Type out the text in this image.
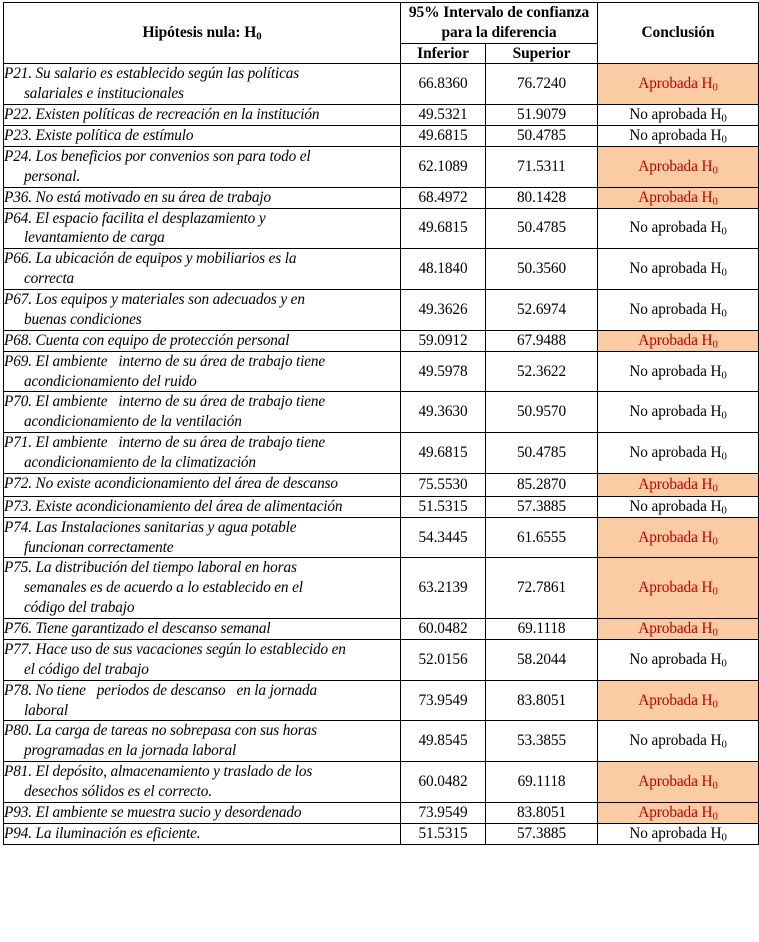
Hipótesis nula: $H_0$	95% Intervalo de confianza para la diferencia		Conclusión
	Inferior	Superior	
P21. Su salario es establecido según las políticas
salariales e institucionales	66.8360	76.7240	Aprobada $H_0$
P22. Existen políticas de recreación en la institución	49.5321	51.9079	No aprobada $H_0$
P23. Existe política de estímulo	49.6815	50.4785	No aprobada $H_0$
P24. Los beneficios por convenios son para todo el
personal.	62.1089	71.5311	Aprobada $H_0$
P36. No está motivado en su área de trabajo	68.4972	80.1428	Aprobada $H_0$
P64. El espacio facilita el desplazamiento y
levantamiento de carga	49.6815	50.4785	No aprobada $H_0$
P66. La ubicación de equipos y mobiliarios es la
correcta	48.1840	50.3560	No aprobada $H_0$
P67. Los equipos y materiales son adecuados y en
buenas condiciones	49.3626	52.6974	No aprobada $H_0$
P68. Cuenta con equipo de protección personal	59.0912	67.9488	Aprobada $H_0$
P69. El ambiente   interno de su área de trabajo tiene
acondicionamiento del ruido	49.5978	52.3622	No aprobada $H_0$
P70. El ambiente   interno de su área de trabajo tiene
acondicionamiento de la ventilación	49.3630	50.9570	No aprobada $H_0$
P71. El ambiente   interno de su área de trabajo tiene
acondicionamiento de la climatización	49.6815	50.4785	No aprobada $H_0$
P72. No existe acondicionamiento del área de descanso	75.5530	85.2870	Aprobada $H_0$
P73. Existe acondicionamiento del área de alimentación	51.5315	57.3885	No aprobada $H_0$
P74. Las Instalaciones sanitarias y agua potable
funcionan correctamente	54.3445	61.6555	Aprobada $H_0$
P75. La distribución del tiempo laboral en horas
semanales es de acuerdo a lo establecido en el
código del trabajo	63.2139	72.7861	Aprobada $H_0$
P76. Tiene garantizado el descanso semanal	60.0482	69.1118	Aprobada $H_0$
P77. Hace uso de sus vacaciones según lo establecido en
el código del trabajo	52.0156	58.2044	No aprobada $H_0$
P78. No tiene   periodos de descanso   en la jornada
laboral	73.9549	83.8051	Aprobada $H_0$
P80. La carga de tareas no sobrepasa con sus horas
programadas en la jornada laboral	49.8545	53.3855	No aprobada $H_0$
P81. El depósito, almacenamiento y traslado de los
desechos sólidos es el correcto.	60.0482	69.1118	Aprobada $H_0$
P93. El ambiente se muestra sucio y desordenado	73.9549	83.8051	Aprobada $H_0$
P94. La iluminación es eficiente.	51.5315	57.3885	No aprobada $H_0$
